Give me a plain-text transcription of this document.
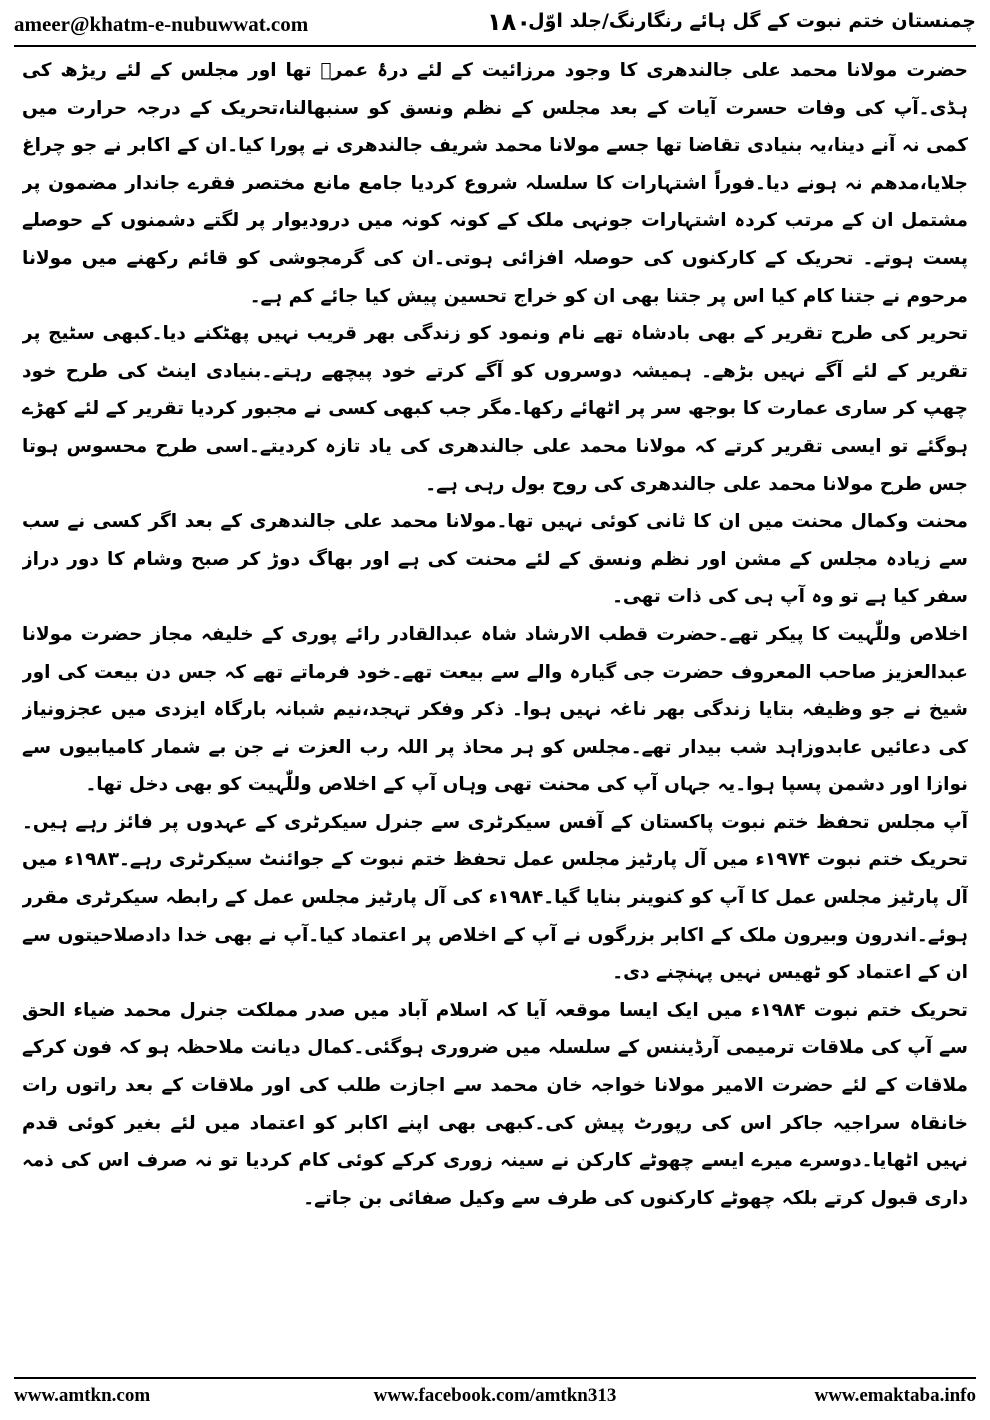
ameer@khatm-e-nubuwwat.com	۱۸۰
چمنستان ختم نبوت کے گل ہائے رنگارنگ/جلد اوّل

حضرت مولانا محمد علی جالندھری کا وجود مرزائیت کے لئے درۂ عمرؓ تھا اور مجلس کے لئے ریڑھ کی ہڈی۔آپ کی وفات حسرت آیات کے بعد مجلس کے نظم ونسق کو سنبھالنا،تحریک کے درجہ حرارت میں کمی نہ آنے دینا،یہ بنیادی تقاضا تھا جسے مولانا محمد شریف جالندھری نے پورا کیا۔ان کے اکابر نے جو چراغ جلایا،مدھم نہ ہونے دیا۔فوراً اشتہارات کا سلسلہ شروع کردیا جامع مانع مختصر فقرے جاندار مضمون پر مشتمل ان کے مرتب کردہ اشتہارات جونہی ملک کے کونہ کونہ میں درودیوار پر لگتے دشمنوں کے حوصلے پست ہوتے۔ تحریک کے کارکنوں کی حوصلہ افزائی ہوتی۔ان کی گرمجوشی کو قائم رکھنے میں مولانا مرحوم نے جتنا کام کیا اس پر جتنا بھی ان کو خراج تحسین پیش کیا جائے کم ہے۔

تحریر کی طرح تقریر کے بھی بادشاہ تھے نام ونمود کو زندگی بھر قریب نہیں پھٹکنے دیا۔کبھی سٹیج پر تقریر کے لئے آگے نہیں بڑھے۔ ہمیشہ دوسروں کو آگے کرتے خود پیچھے رہتے۔بنیادی اینٹ کی طرح خود چھپ کر ساری عمارت کا بوجھ سر پر اٹھائے رکھا۔مگر جب کبھی کسی نے مجبور کردیا تقریر کے لئے کھڑے ہوگئے تو ایسی تقریر کرتے کہ مولانا محمد علی جالندھری کی یاد تازہ کردیتے۔اسی طرح محسوس ہوتا جس طرح مولانا محمد علی جالندھری کی روح بول رہی ہے۔

محنت وکمال محنت میں ان کا ثانی کوئی نہیں تھا۔مولانا محمد علی جالندھری کے بعد اگر کسی نے سب سے زیادہ مجلس کے مشن اور نظم ونسق کے لئے محنت کی ہے اور بھاگ دوڑ کر صبح وشام کا دور دراز سفر کیا ہے تو وہ آپ ہی کی ذات تھی۔

اخلاص وللّٰہیت کا پیکر تھے۔حضرت قطب الارشاد شاہ عبدالقادر رائے پوری کے خلیفہ مجاز حضرت مولانا عبدالعزیز صاحب المعروف حضرت جی گیارہ والے سے بیعت تھے۔خود فرماتے تھے کہ جس دن بیعت کی اور شیخ نے جو وظیفہ بتایا زندگی بھر ناغہ نہیں ہوا۔ ذکر وفکر تہجد،نیم شبانہ بارگاہ ایزدی میں عجزونیاز کی دعائیں عابدوزاہد شب بیدار تھے۔مجلس کو ہر محاذ پر اللہ رب العزت نے جن بے شمار کامیابیوں سے نوازا اور دشمن پسپا ہوا۔یہ جہاں آپ کی محنت تھی وہاں آپ کے اخلاص وللّٰہیت کو بھی دخل تھا۔

آپ مجلس تحفظ ختم نبوت پاکستان کے آفس سیکرٹری سے جنرل سیکرٹری کے عہدوں پر فائز رہے ہیں۔تحریک ختم نبوت ۱۹۷۴ء میں آل پارٹیز مجلس عمل تحفظ ختم نبوت کے جوائنٹ سیکرٹری رہے۔۱۹۸۳ء میں آل پارٹیز مجلس عمل کا آپ کو کنوینر بنایا گیا۔۱۹۸۴ء کی آل پارٹیز مجلس عمل کے رابطہ سیکرٹری مقرر ہوئے۔اندرون وبیرون ملک کے اکابر بزرگوں نے آپ کے اخلاص پر اعتماد کیا۔آپ نے بھی خدا دادصلاحیتوں سے ان کے اعتماد کو ٹھیس نہیں پہنچنے دی۔

تحریک ختم نبوت ۱۹۸۴ء میں ایک ایسا موقعہ آیا کہ اسلام آباد میں صدر مملکت جنرل محمد ضیاء الحق سے آپ کی ملاقات ترمیمی آرڈیننس کے سلسلہ میں ضروری ہوگئی۔کمال دیانت ملاحظہ ہو کہ فون کرکے ملاقات کے لئے حضرت الامیر مولانا خواجہ خان محمد سے اجازت طلب کی اور ملاقات کے بعد راتوں رات خانقاہ سراجیہ جاکر اس کی رپورٹ پیش کی۔کبھی بھی اپنے اکابر کو اعتماد میں لئے بغیر کوئی قدم نہیں اٹھایا۔دوسرے میرے ایسے چھوٹے کارکن نے سینہ زوری کرکے کوئی کام کردیا تو نہ صرف اس کی ذمہ داری قبول کرتے بلکہ چھوٹے کارکنوں کی طرف سے وکیل صفائی بن جاتے۔

www.amtkn.com	www.facebook.com/amtkn313	www.emaktaba.info
